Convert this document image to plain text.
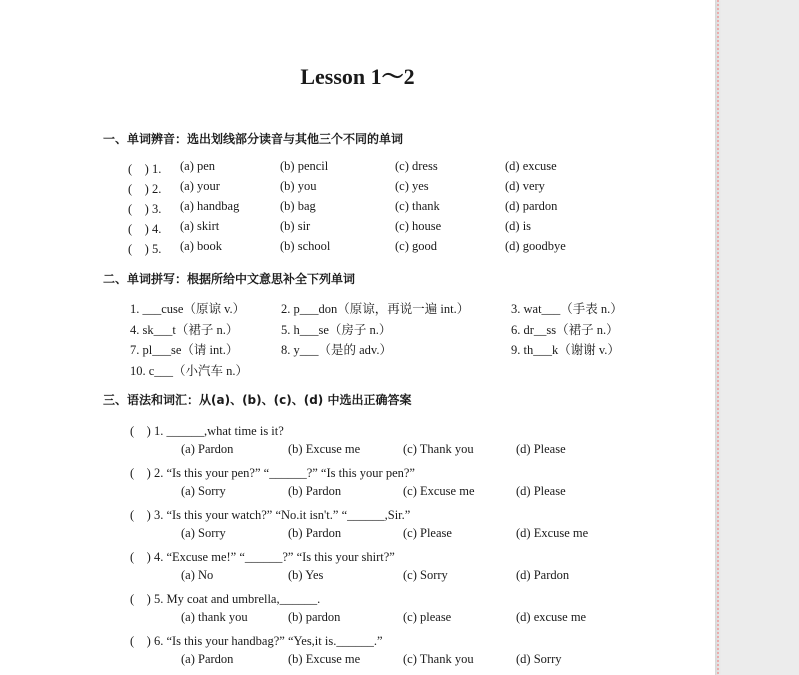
Lesson 1～2
一、单词辨音：选出划线部分读音与其他三个不同的单词
(　) 1. (a) pen	(b) pencil	(c) dress	(d) excuse
(　) 2. (a) your	(b) you	(c) yes	(d) very
(　) 3. (a) handbag	(b) bag	(c) thank	(d) pardon
(　) 4. (a) skirt	(b) sir	(c) house	(d) is
(　) 5. (a) book	(b) school	(c) good	(d) goodbye
二、单词拼写：根据所给中文意思补全下列单词
1. ___cuse（原谅 v.）	2. p___don（原谅，再说一遍 int.）	3. wat___（手表 n.）
4. sk___t（裙子 n.）	5. h___se（房子 n.）	6. dr__ss（裙子 n.）
7. pl___se（请 int.）	8. y___（是的 adv.）	9. th___k（谢谢 v.）
10. c___（小汽车 n.）
三、语法和词汇：从(a)、(b)、(c)、(d) 中选出正确答案
(　) 1. ______,what time is it?
(a) Pardon	(b) Excuse me	(c) Thank you	(d) Please
(　) 2. “Is this your pen?” “______?” “Is this your pen?”
(a) Sorry	(b) Pardon	(c) Excuse me	(d) Please
(　) 3. “Is this your watch?” “No.it isn't.” “______,Sir.”
(a) Sorry	(b) Pardon	(c) Please	(d) Excuse me
(　) 4. “Excuse me!” “______?” “Is this your shirt?”
(a) No	(b) Yes	(c) Sorry	(d) Pardon
(　) 5. My coat and umbrella,______.
(a) thank you	(b) pardon	(c) please	(d) excuse me
(　) 6. “Is this your handbag?” “Yes,it is.______.”
(a) Pardon	(b) Excuse me	(c) Thank you	(d) Sorry
